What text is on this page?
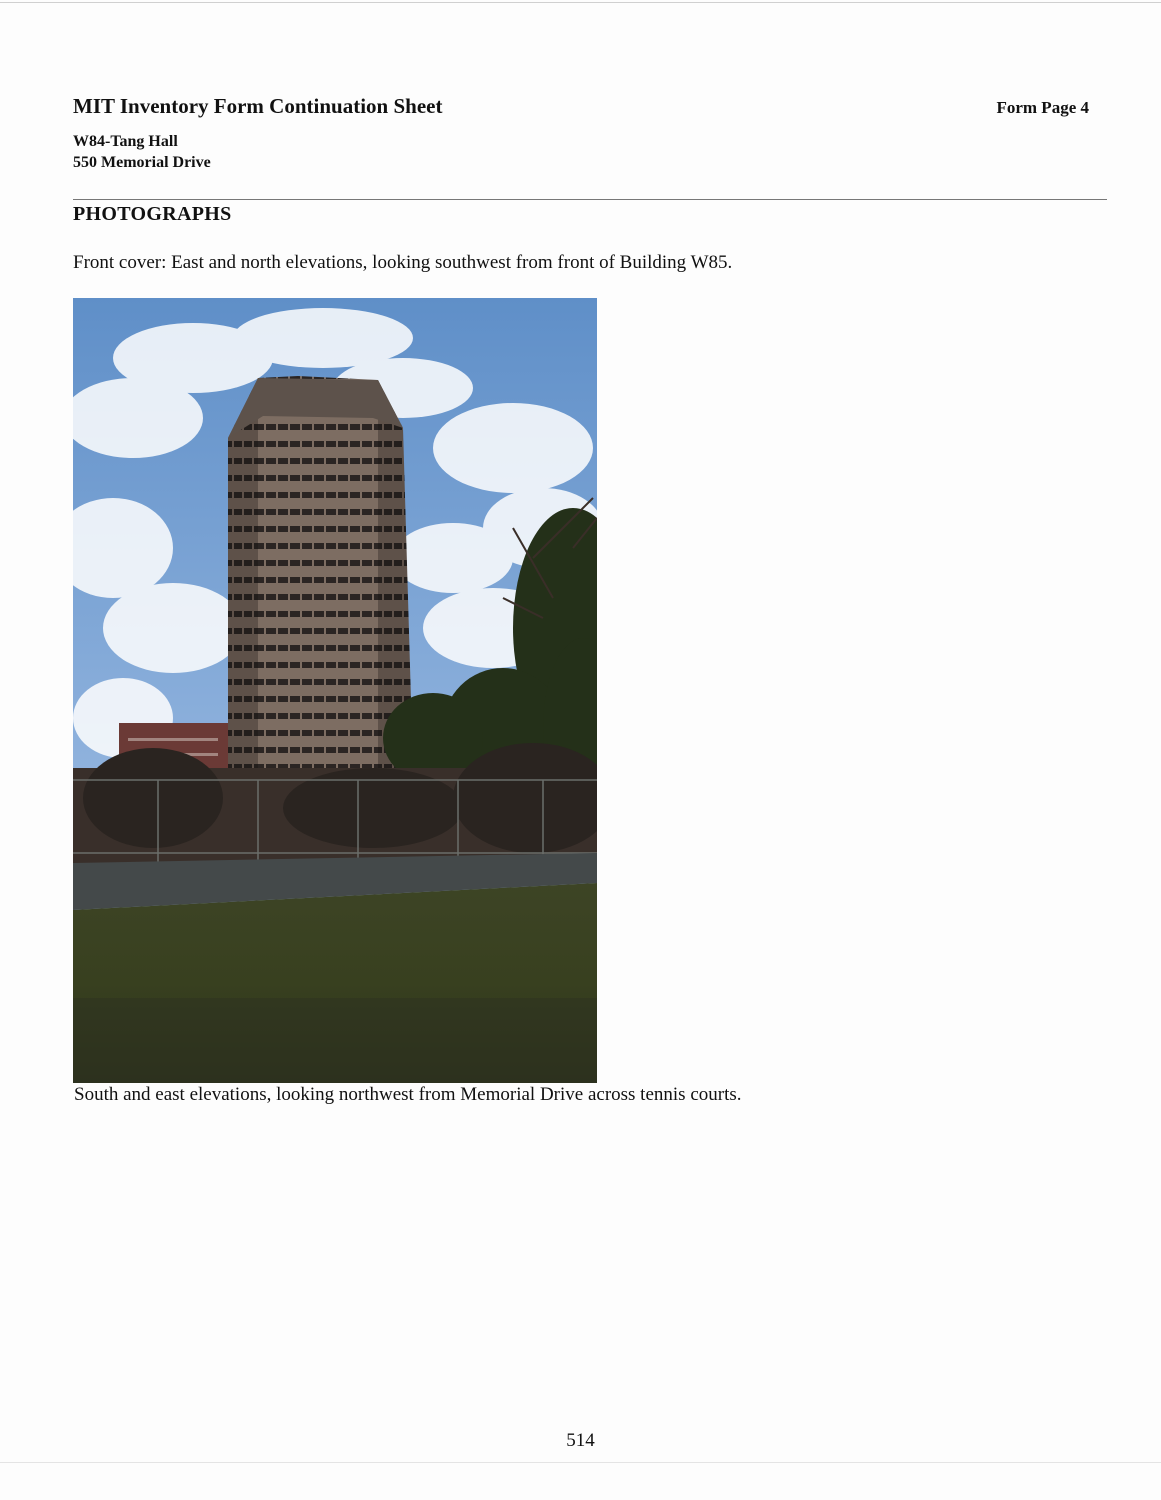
MIT Inventory Form Continuation Sheet	Form Page 4
W84-Tang Hall
550 Memorial Drive
PHOTOGRAPHS
Front cover: East and north elevations, looking southwest from front of Building W85.
South and east elevations, looking northwest from Memorial Drive across tennis courts.
514
